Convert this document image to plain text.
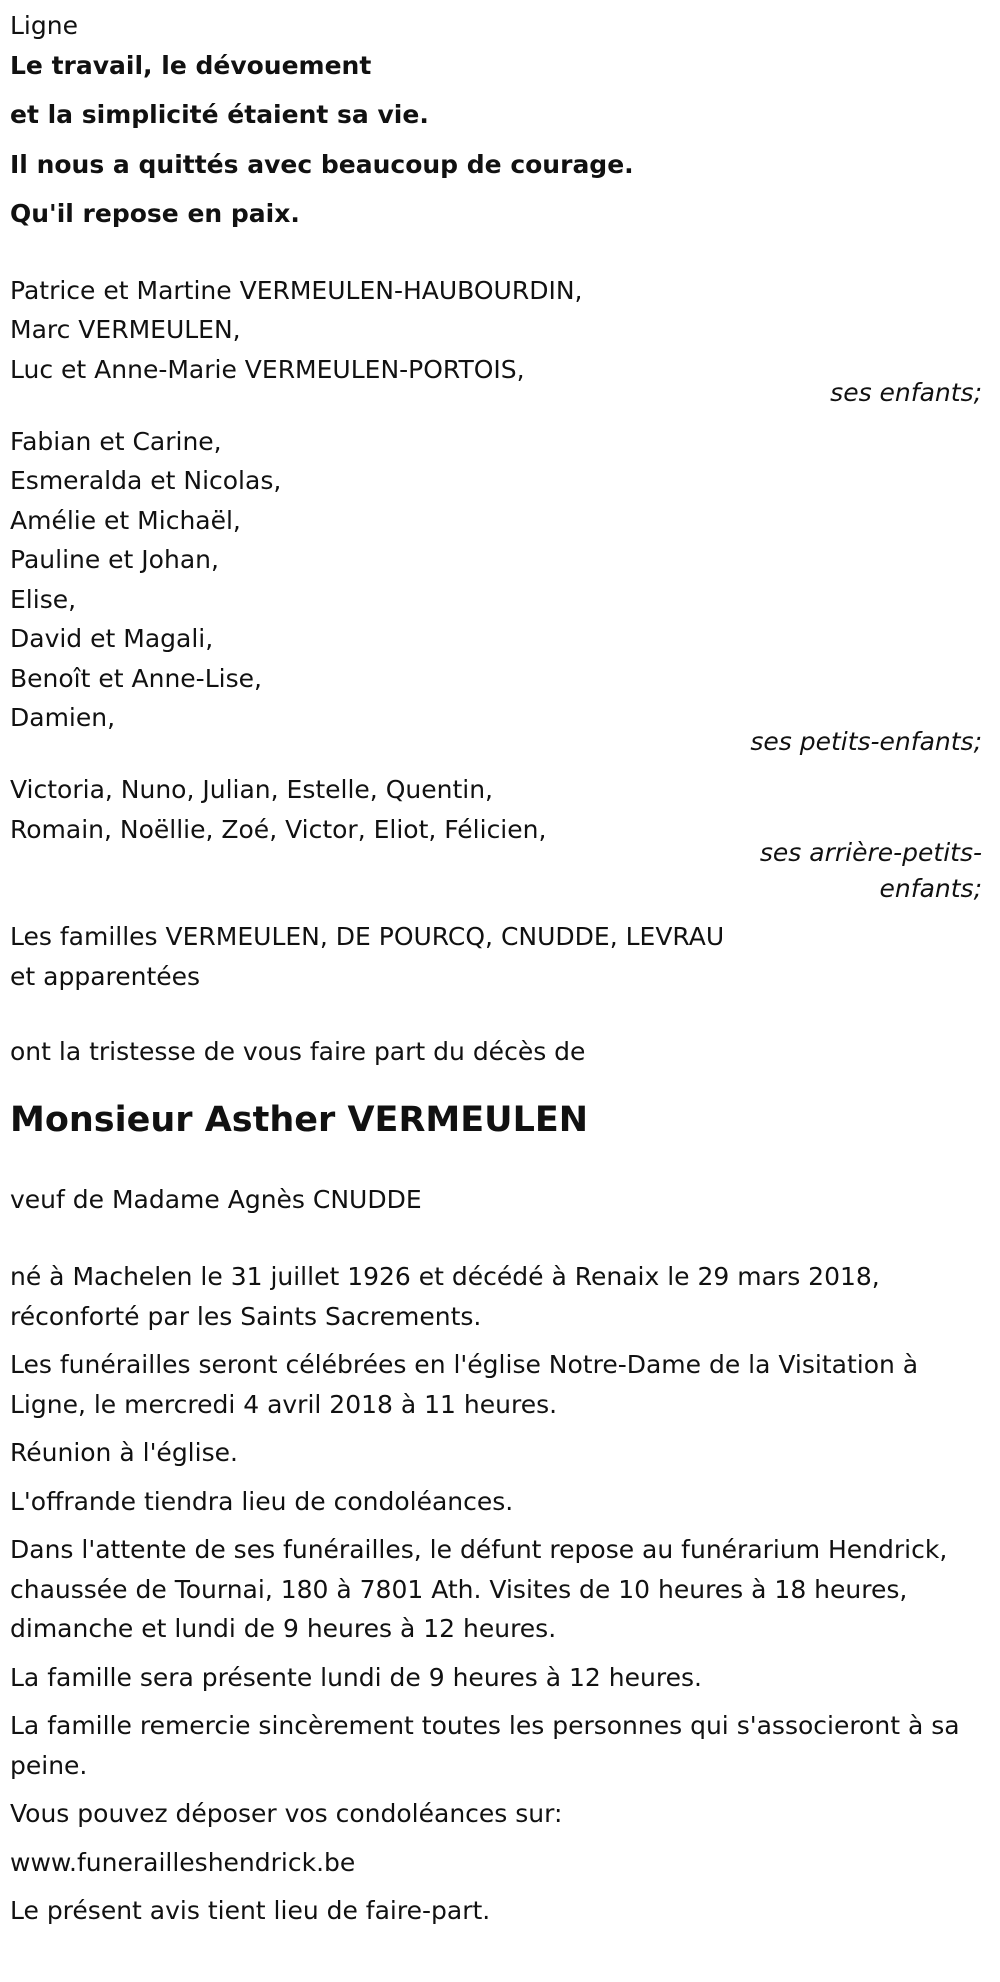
Ligne

Le travail, le dévouement

et la simplicité étaient sa vie.

Il nous a quittés avec beaucoup de courage.

Qu'il repose en paix.

Patrice et Martine VERMEULEN-HAUBOURDIN,

Marc VERMEULEN,

Luc et Anne-Marie VERMEULEN-PORTOIS,

ses enfants;

Fabian et Carine,

Esmeralda et Nicolas,

Amélie et Michaël,

Pauline et Johan,

Elise,

David et Magali,

Benoît et Anne-Lise,

Damien,

ses petits-enfants;

Victoria, Nuno, Julian, Estelle, Quentin,

Romain, Noëllie, Zoé, Victor, Eliot, Félicien,

ses arrière-petits-

enfants;

Les familles VERMEULEN, DE POURCQ, CNUDDE, LEVRAU

et apparentées

ont la tristesse de vous faire part du décès de

Monsieur Asther VERMEULEN

veuf de Madame Agnès CNUDDE

né à Machelen le 31 juillet 1926 et décédé à Renaix le 29 mars 2018, réconforté par les Saints Sacrements.

Les funérailles seront célébrées en l'église Notre-Dame de la Visitation à Ligne, le mercredi 4 avril 2018 à 11 heures.

Réunion à l'église.

L'offrande tiendra lieu de condoléances.

Dans l'attente de ses funérailles, le défunt repose au funérarium Hendrick, chaussée de Tournai, 180 à 7801 Ath. Visites de 10 heures à 18 heures, dimanche et lundi de 9 heures à 12 heures.

La famille sera présente lundi de 9 heures à 12 heures.

La famille remercie sincèrement toutes les personnes qui s'associeront à sa peine.

Vous pouvez déposer vos condoléances sur:

www.funerailleshendrick.be

Le présent avis tient lieu de faire-part.
